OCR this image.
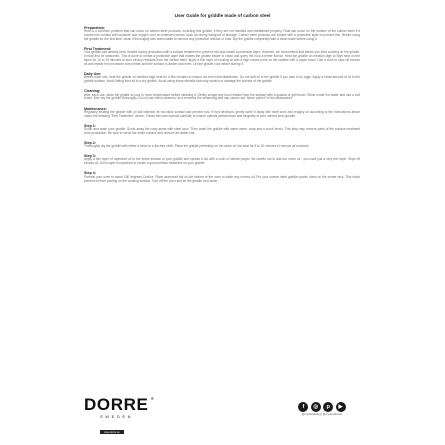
User Guide for griddle made of carbon steel
Preparation:
Rust is a common problem that can occur on carbon steel products, including this griddle, if they are not handled and maintained properly. Rust can occur on the surface of the carbon steel if it comes into contact with moisture and oxygen over an extended period, such as during transport or storage. Carbon steel products are coated with a protective layer to prevent this. Before using the griddle for the first time, clean it thoroughly with warm water to remove any protective residue or dust. Dry the griddle completely with a clean towel before using it.
First Treatment:
Your griddle has already been treated during production with a surface treatment to prevent rust and create a protective layer. However, we recommend that before you start cooking on the griddle, it must first be seasoned. This is done to create a protective layer that makes the griddle easier to clean and gives the food a better flavour. Heat the griddle on medium-high to high heat on the stove for 10 to 15 minutes to burn off any residues from the carbon steel. Apply a thin layer of cooking oil with a high smoke point on the surface with a paper towel. Use a cloth to wipe off excess oil and repeat the procedure a few times until the surface is darker and even. Let the griddle cool before storing it.
Daily Use:
Before each use, heat the griddle on medium-high heat for a few minutes to ensure an even heat distribution. Do not add oil to the griddle if you plan to fry eggs. Apply a small amount of oil to the griddle surface. Avoid letting food sit in a dry griddle. Avoid using sharp utensils that may scratch or damage the surface of the griddle.
Cleaning:
After each use, allow the griddle to cool to room temperature before cleaning it. Gently scrape any food residue from the surface with a spatula or grill brush. Rinse under hot water and use a soft brush, then dry the griddle thoroughly. Do not use harsh cleaners, as it removes the seasoning and can cause rust. Never place it in the dishwasher.
Maintenance:
Regularly treating the griddle with oil will maintain its non-stick surface and prevent rust. If rust develops, gently scrub it away with steel wool and reapply oil according to the instructions above under the heading "First Treatment" above. Follow this user manual carefully to ensure optimal performance and longevity of your carbon steel griddle.
Step 1:
Scrub and wash your griddle. Scrub away the rusty areas with steel wool. Then wash the griddle with warm water, soap and a scrub brush. This step may remove parts of the surface treatment from production. Be sure to scrub the entire surface and remove all visible rust.
Step 2:
Thoroughly dry the griddle with either a towel or a lint-free cloth. Place the griddle preferably on the stove on low heat for 5 to 10 minutes to remove all moisture.
Step 3:
Apply a thin layer of rapeseed oil to the entire surface of your griddle and spread it out with a cloth or kitchen paper. Be careful not to add too much oil - you want just a very thin layer. Wipe off excess oil. A thin layer is important to create a good surface treatment on your griddle.
Step 4:
Preheat your oven to about 180 degrees Celsius. Place aluminum foil on the bottom of the oven to catch any excess oil. Put your carbon steel griddle upside down on the center rack. This helps prevent oil from pooling on the cooking surface. Turn off the oven and let the griddle cool down.
DORRE ®
SWEDEN
www.dorre.se
f	◎	p	▶
@mydorreliving | @mydorrehome
